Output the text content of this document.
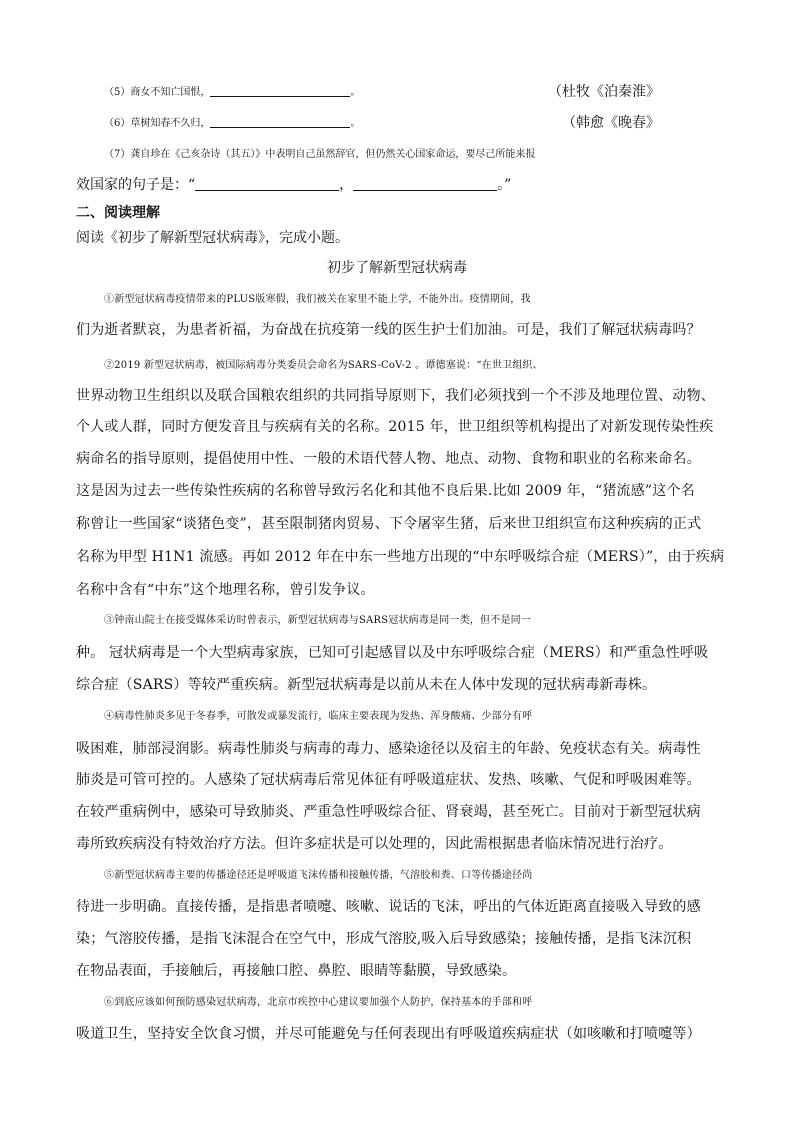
（5）商女不知亡国恨，	。	（杜牧《泊秦淮》
（6）草树知春不久归，	。	（韩愈《晚春》
（7）龚自珍在《己亥杂诗（其五）》中表明自己虽然辞官，但仍然关心国家命运，要尽己所能来报
效国家的句子是：“	，	。”
二、阅读理解
阅读《初步了解新型冠状病毒》，完成小题。
初步了解新型冠状病毒
①新型冠状病毒疫情带来的PLUS版寒假，我们被关在家里不能上学，不能外出。疫情期间，我
们为逝者默哀，为患者祈福，为奋战在抗疫第一线的医生护士们加油。可是，我们了解冠状病毒吗？
②2019 新型冠状病毒，被国际病毒分类委员会命名为SARS-CoV-2 。谭德塞说：“在世卫组织、
世界动物卫生组织以及联合国粮农组织的共同指导原则下，我们必须找到一个不涉及地理位置、动物、
个人或人群，同时方便发音且与疾病有关的名称。2015 年，世卫组织等机构提出了对新发现传染性疾
病命名的指导原则，提倡使用中性、一般的术语代替人物、地点、动物、食物和职业的名称来命名。
这是因为过去一些传染性疾病的名称曾导致污名化和其他不良后果.比如 2009 年，“猪流感”这个名
称曾让一些国家“谈猪色变”，甚至限制猪肉贸易、下令屠宰生猪，后来世卫组织宣布这种疾病的正式
名称为甲型 H1N1 流感。再如 2012 年在中东一些地方出现的“中东呼吸综合症（MERS）”，由于疾病
名称中含有“中东”这个地理名称，曾引发争议。
③钟南山院士在接受媒体采访时曾表示，新型冠状病毒与SARS冠状病毒是同一类，但不是同一
种。 冠状病毒是一个大型病毒家族，已知可引起感冒以及中东呼吸综合症（MERS）和严重急性呼吸
综合症（SARS）等较严重疾病。新型冠状病毒是以前从未在人体中发现的冠状病毒新毒株。
④病毒性肺炎多见于冬春季，可散发或暴发流行，临床主要表现为发热、浑身酸痛、少部分有呼
吸困难，肺部浸润影。病毒性肺炎与病毒的毒力、感染途径以及宿主的年龄、免疫状态有关。病毒性
肺炎是可管可控的。人感染了冠状病毒后常见体征有呼吸道症状、发热、咳嗽、气促和呼吸困难等。
在较严重病例中，感染可导致肺炎、严重急性呼吸综合征、肾衰竭，甚至死亡。目前对于新型冠状病
毒所致疾病没有特效治疗方法。但许多症状是可以处理的，因此需根据患者临床情况进行治疗。
⑤新型冠状病毒主要的传播途径还是呼吸道飞沫传播和接触传播，气溶胶和粪、口等传播途径尚
待进一步明确。直接传播，是指患者喷嚏、咳嗽、说话的飞沫，呼出的气体近距离直接吸入导致的感
染；气溶胶传播，是指飞沫混合在空气中，形成气溶胶,吸入后导致感染；接触传播，是指飞沫沉积
在物品表面，手接触后，再接触口腔、鼻腔、眼睛等黏膜，导致感染。
⑥到底应该如何预防感染冠状病毒，北京市疾控中心建议要加强个人防护，保持基本的手部和呼
吸道卫生，坚持安全饮食习惯，并尽可能避免与任何表现出有呼吸道疾病症状（如咳嗽和打喷嚏等）
